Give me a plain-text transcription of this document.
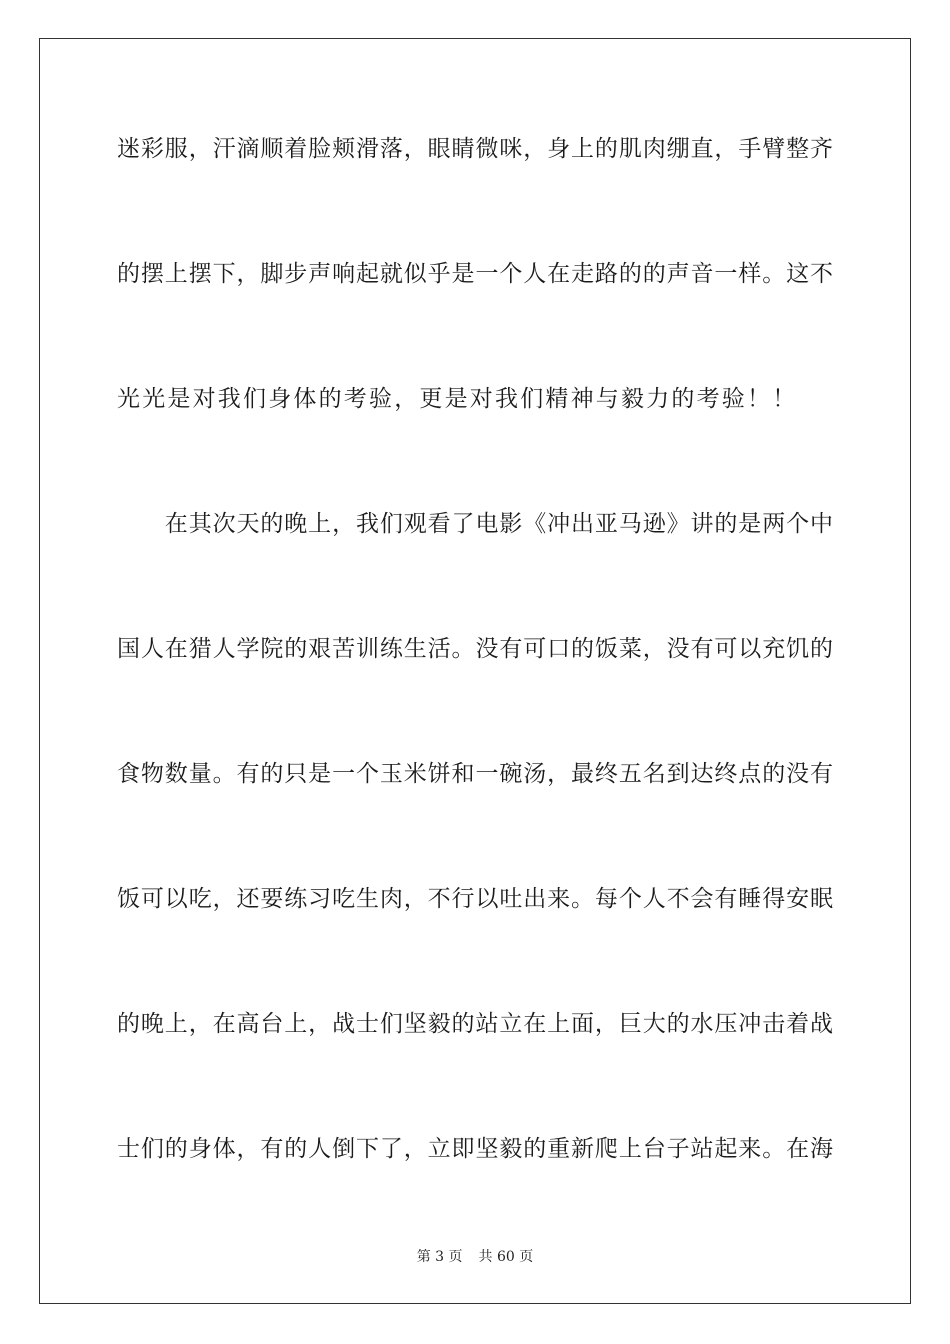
迷彩服，汗滴顺着脸颊滑落，眼睛微咪，身上的肌肉绷直，手臂整齐
的摆上摆下，脚步声响起就似乎是一个人在走路的的声音一样。这不
光光是对我们身体的考验，更是对我们精神与毅力的考验！！
　　在其次天的晚上，我们观看了电影《冲出亚马逊》讲的是两个中
国人在猎人学院的艰苦训练生活。没有可口的饭菜，没有可以充饥的
食物数量。有的只是一个玉米饼和一碗汤，最终五名到达终点的没有
饭可以吃，还要练习吃生肉，不行以吐出来。每个人不会有睡得安眠
的晚上，在高台上，战士们坚毅的站立在上面，巨大的水压冲击着战
士们的身体，有的人倒下了，立即坚毅的重新爬上台子站起来。在海
第 3 页 共 60 页
